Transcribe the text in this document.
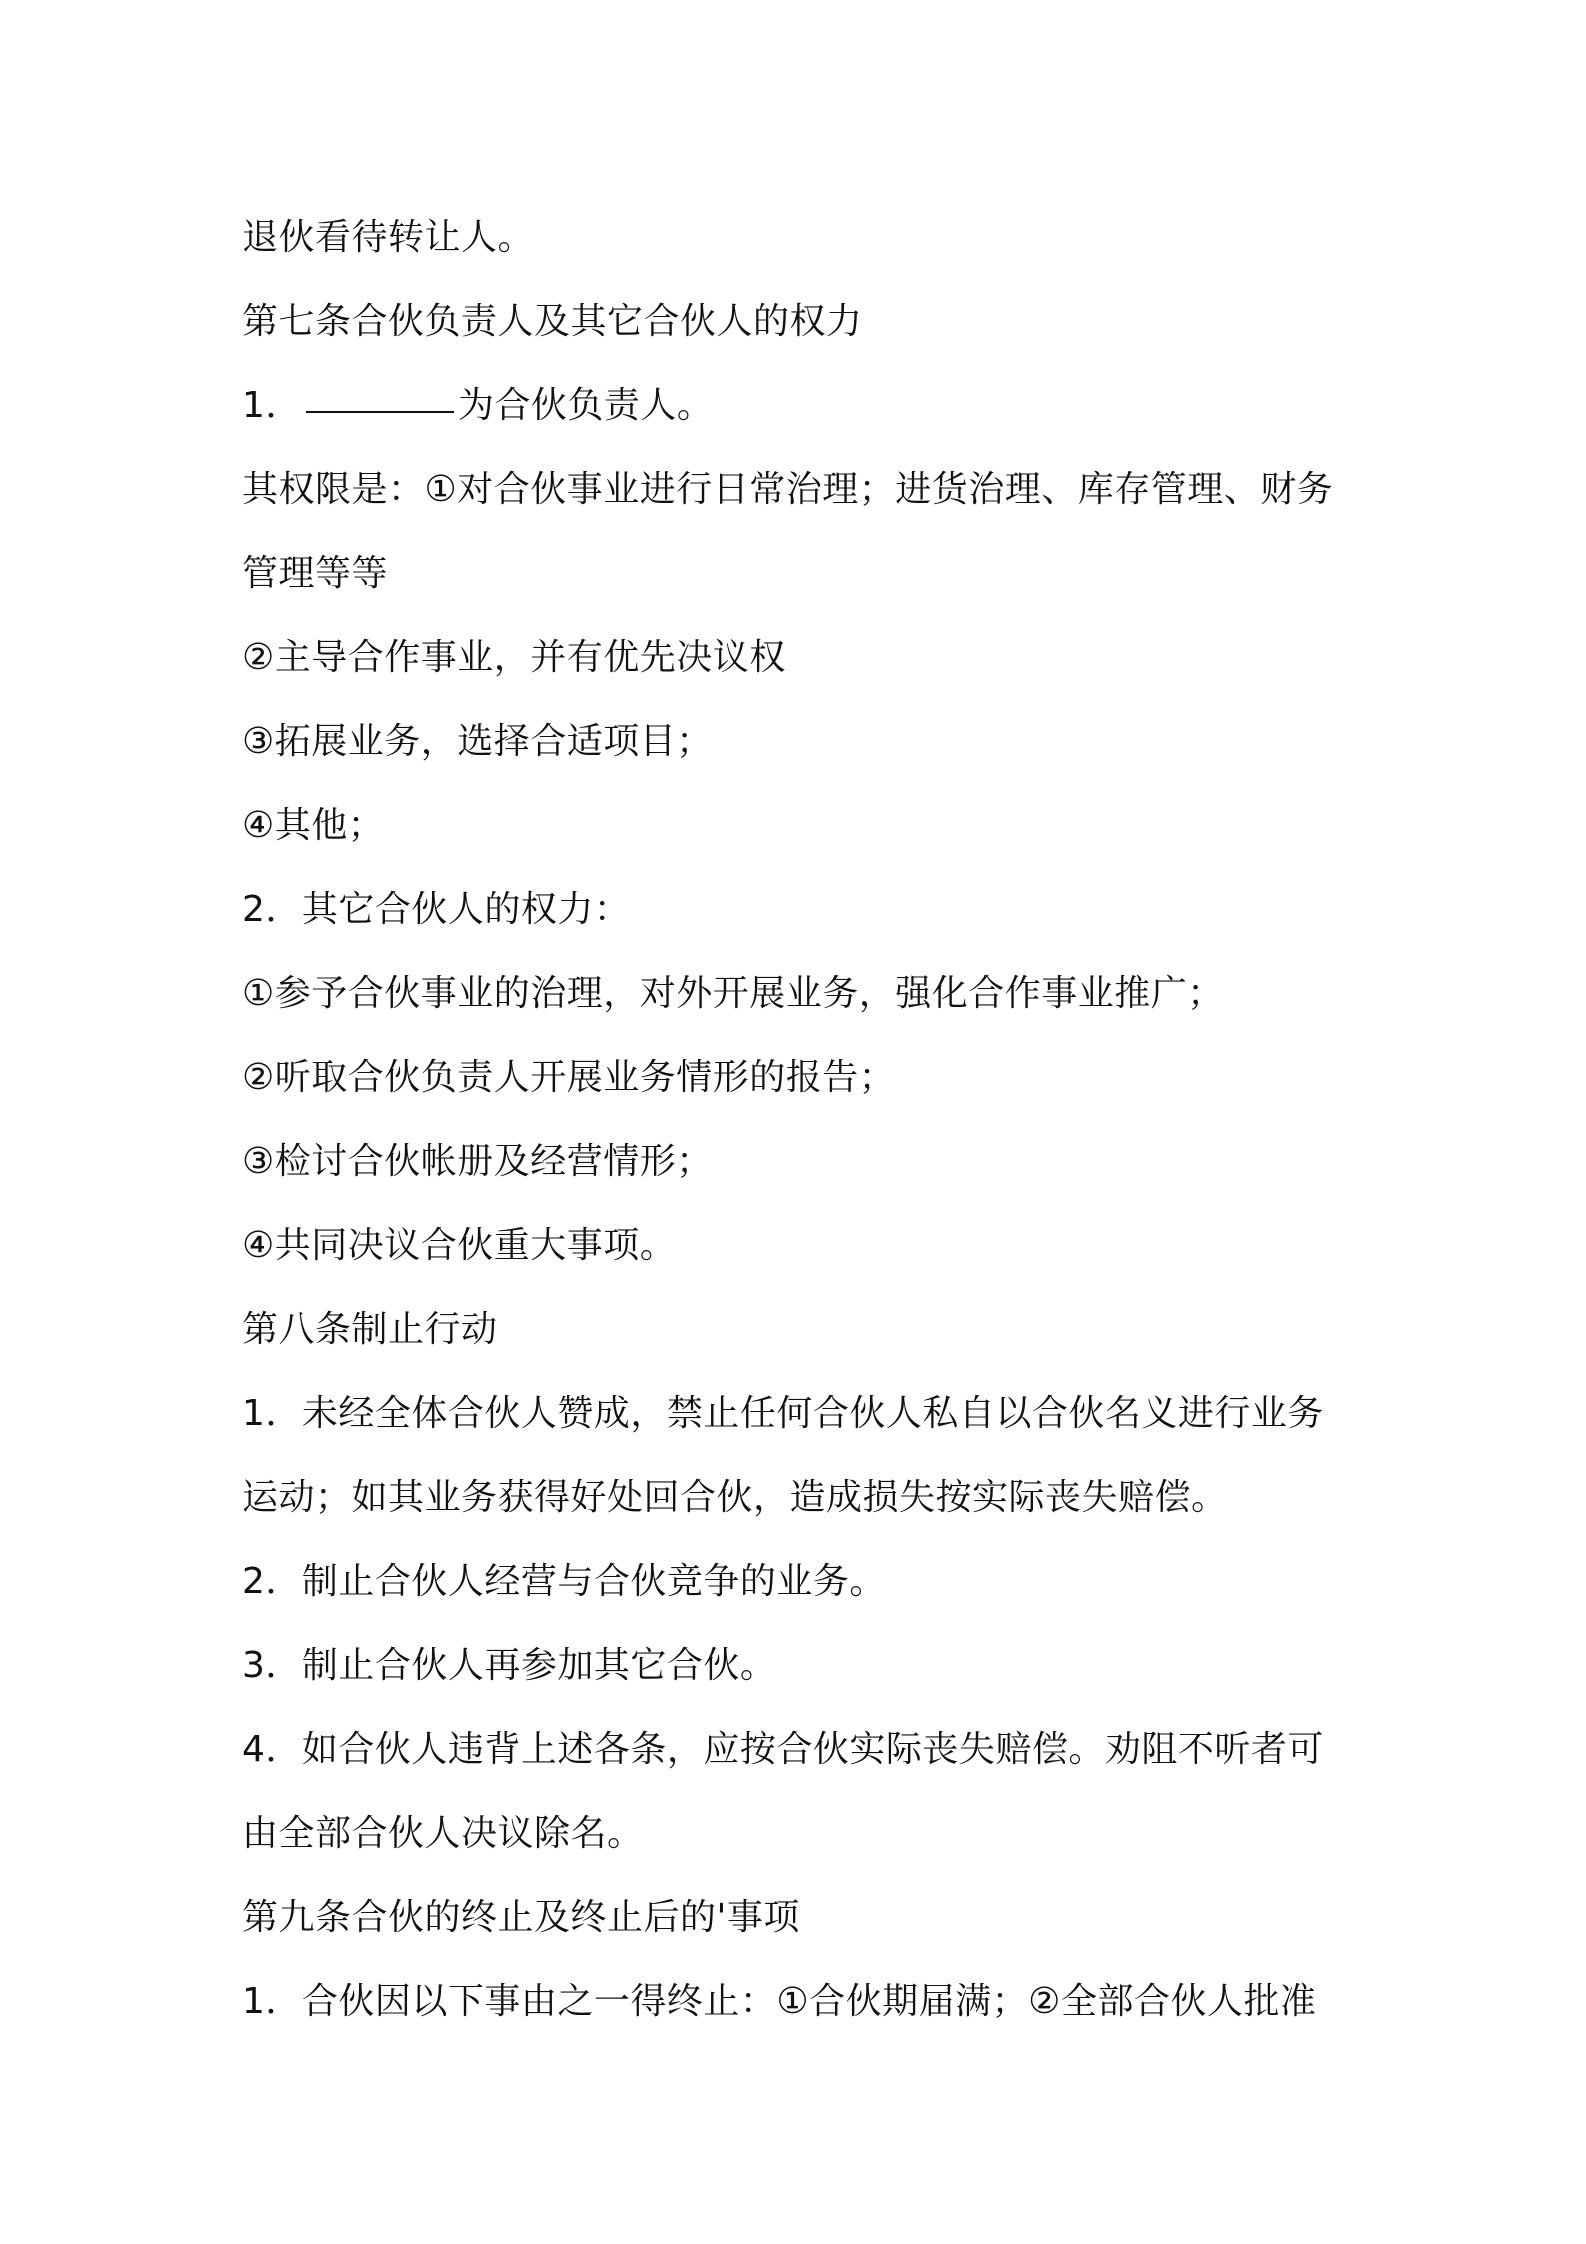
退伙看待转让人。
第七条合伙负责人及其它合伙人的权力
1．	为合伙负责人。
其权限是：①对合伙事业进行日常治理；进货治理、库存管理、财务
管理等等
②主导合作事业，并有优先决议权
③拓展业务，选择合适项目；
④其他；
2．其它合伙人的权力：
①参予合伙事业的治理，对外开展业务，强化合作事业推广；
②听取合伙负责人开展业务情形的报告；
③检讨合伙帐册及经营情形；
④共同决议合伙重大事项。
第八条制止行动
1．未经全体合伙人赞成，禁止任何合伙人私自以合伙名义进行业务
运动；如其业务获得好处回合伙，造成损失按实际丧失赔偿。
2．制止合伙人经营与合伙竞争的业务。
3．制止合伙人再参加其它合伙。
4．如合伙人违背上述各条，应按合伙实际丧失赔偿。劝阻不听者可
由全部合伙人决议除名。
第九条合伙的终止及终止后的'事项
1．合伙因以下事由之一得终止：①合伙期届满；②全部合伙人批准
